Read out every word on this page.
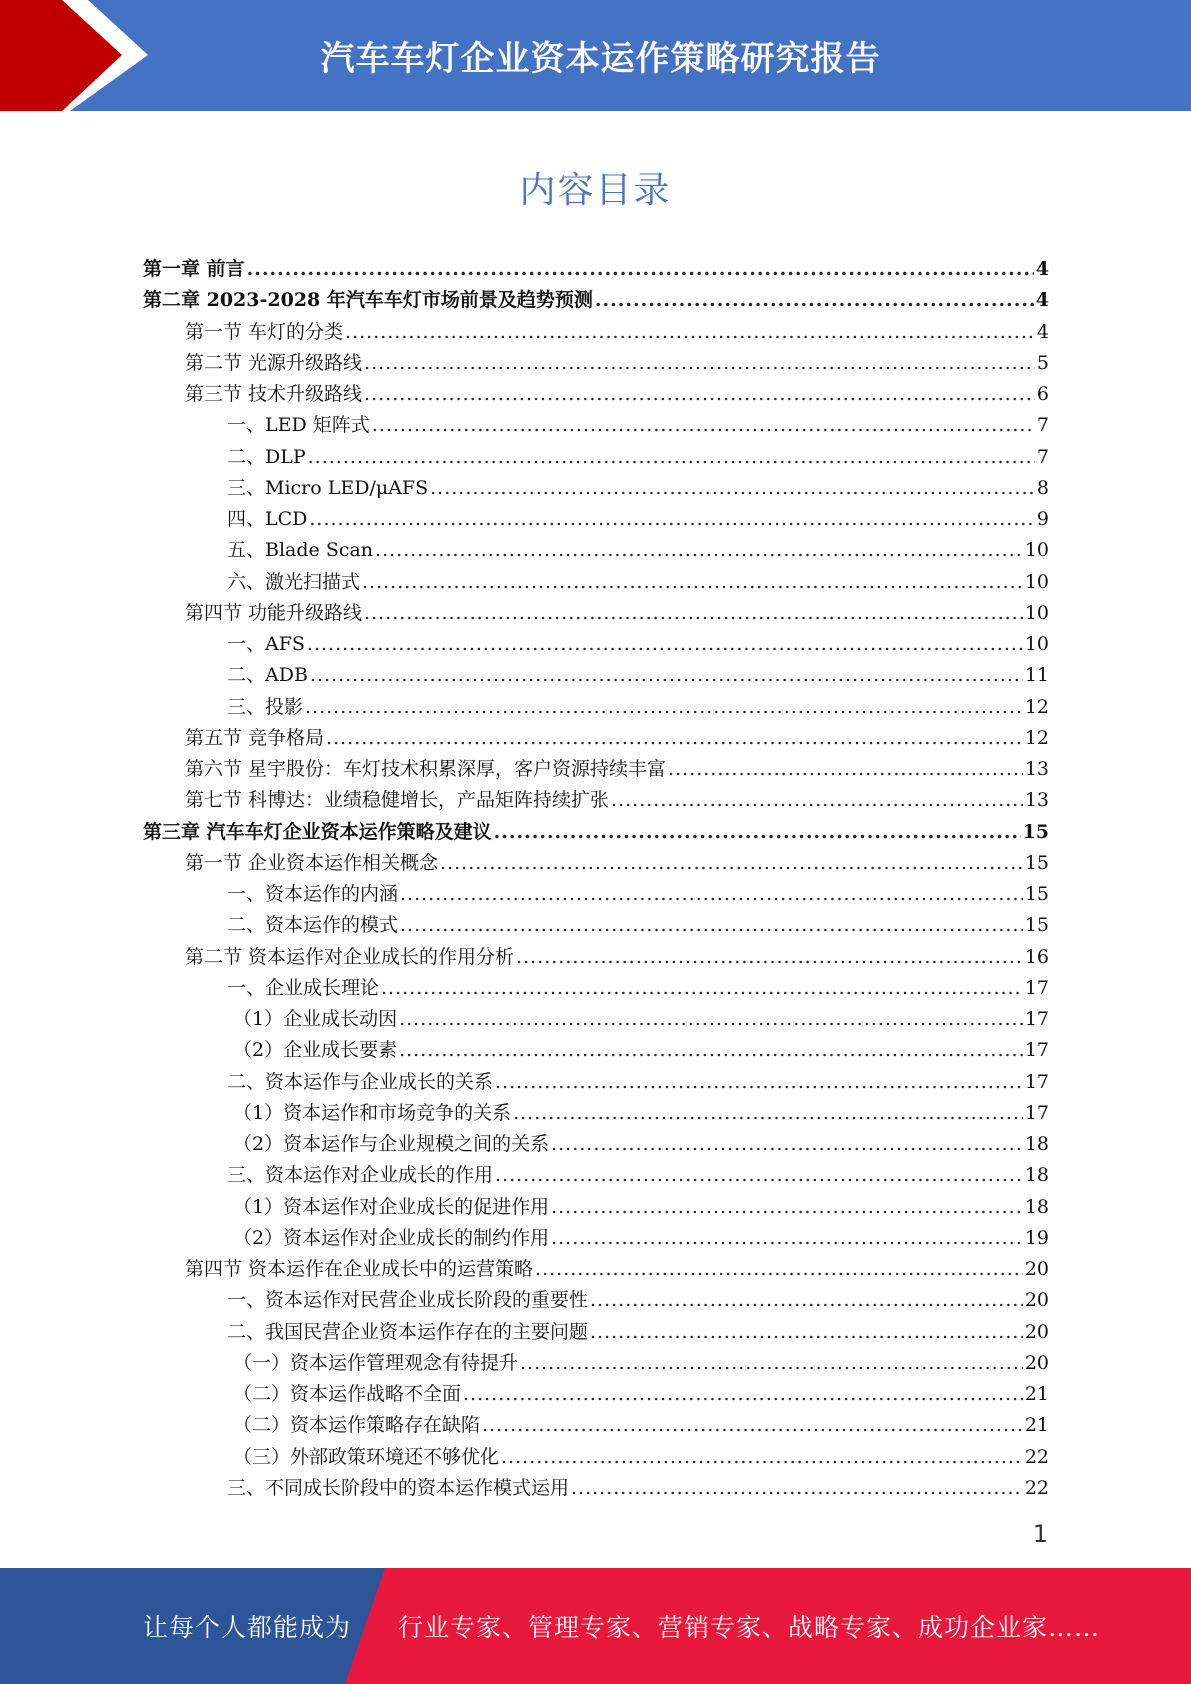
汽车车灯企业资本运作策略研究报告
内容目录
第一章 前言 .....	4
第二章 2023-2028 年汽车车灯市场前景及趋势预测 .....	4
第一节 车灯的分类 .....	4
第二节 光源升级路线 .....	5
第三节 技术升级路线 .....	6
一、LED 矩阵式 .....	7
二、DLP .....	7
三、Micro LED/μAFS .....	8
四、LCD .....	9
五、Blade Scan .....	10
六、激光扫描式 .....	10
第四节 功能升级路线 .....	10
一、AFS .....	10
二、ADB .....	11
三、投影 .....	12
第五节 竞争格局 .....	12
第六节 星宇股份：车灯技术积累深厚，客户资源持续丰富 .....	13
第七节 科博达：业绩稳健增长，产品矩阵持续扩张 .....	13
第三章 汽车车灯企业资本运作策略及建议 .....	15
第一节 企业资本运作相关概念 .....	15
一、资本运作的内涵 .....	15
二、资本运作的模式 .....	15
第二节 资本运作对企业成长的作用分析 .....	16
一、企业成长理论 .....	17
（1）企业成长动因 .....	17
（2）企业成长要素 .....	17
二、资本运作与企业成长的关系 .....	17
（1）资本运作和市场竞争的关系 .....	17
（2）资本运作与企业规模之间的关系 .....	18
三、资本运作对企业成长的作用 .....	18
（1）资本运作对企业成长的促进作用 .....	18
（2）资本运作对企业成长的制约作用 .....	19
第四节 资本运作在企业成长中的运营策略 .....	20
一、资本运作对民营企业成长阶段的重要性 .....	20
二、我国民营企业资本运作存在的主要问题 .....	20
（一）资本运作管理观念有待提升 .....	20
（二）资本运作战略不全面 .....	21
（二）资本运作策略存在缺陷 .....	21
（三）外部政策环境还不够优化 .....	22
三、不同成长阶段中的资本运作模式运用 .....	22
1
让每个人都能成为 行业专家、管理专家、营销专家、战略专家、成功企业家……
